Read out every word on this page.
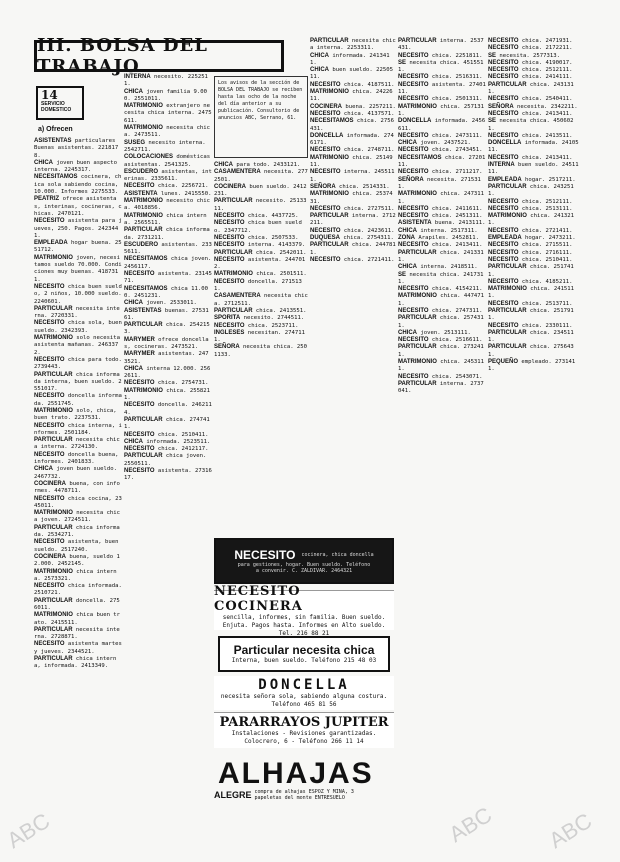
III. BOLSA DEL TRABAJO
14
SERVICIO
DOMESTICO
a) Ofrecen

ASISTENTAS particulares Buenas asistentas. 2218178.

CHICA joven buen aspecto interna. 2245317.

NECESITAMOS cocinera, chica sola sabiendo cocina, 10.000. Informes 2275533.

PEATRIZ ofrece asistentas, interinas, cocineras, chicas. 2470121.

NECESITO asistenta para jueves, 250. Pagos. 2423441.

EMPLEADA hogar buena. 2551712.

MATRIMONIO joven, necesitamos sueldo 70.000. Condiciones muy buenas. 4187311.

NECESITO chica buen sueldo, 2 niños, 10.000 sueldo. 2240601.

PARTICULAR necesita interna. 2720331.

NECESITO chica sola, buen sueldo. 2342393.

MATRIMONIO solo necesita asistenta mañanas. 2463372.

NECESITO chica para todo. 2739443.

PARTICULAR chica informada interna, buen sueldo. 2551017.

NECESITO doncella informada. 2551745.

MATRIMONIO solo, chica, buen trato. 2237531.

NECESITO chica interna, informes. 2501184.

PARTICULAR necesita chica interna. 2724130.

NECESITO doncella buena, informes. 2401833.

CHICA joven buen sueldo. 2467732.

COCINERA buena, con informes. 4478711.

NECESITO chica cocina, 2345011.

MATRIMONIO necesita chica joven. 2724511.

PARTICULAR chica informada. 2534271.

NECESITO asistenta, buen sueldo. 2517240.

COCINERA buena, sueldo 12.000. 2452145.

MATRIMONIO chica interna. 2573321.

NECESITO chica informada. 2510721.

PARTICULAR doncella. 2756011.

MATRIMONIO chica buen trato. 2415511.

PARTICULAR necesita interna. 2728871.

NECESITO asistenta martes y jueves. 2344521.

PARTICULAR chica interna, informada. 2413349.

INTERNA necesito. 2252511.

CHICA joven familia 9.000. 2551011.

MATRIMONIO extranjero necesita chica interna. 2475611.

MATRIMONIO necesita chica. 2473511.

SUSEG necesito interna. 2542711.

COLOCACIONES domésticas asistentas. 2541325.

ESCUDERO asistentas, interinas. 2335611.

NECESITO chica. 2256721.

ASISTENTA lunes. 2415550.

MATRIMONIO necesito chica. 4018856.

MATRIMONIO chica interna. 2565511.

PARTICULAR chica informada. 2731211.

ESCUDERO asistentas. 2335611.

NECESITAMOS chica joven. 2456117.

NECESITO asistenta. 2314571.

NECESITAMOS chica 11.000. 2451231.

CHICA joven. 2533011.

ASISTENTAS buenas. 2753161.

PARTICULAR chica. 2542153.

MARYMER ofrece doncellas, cocineras. 2473521.

MARYMER asistentas. 2473521.

CHICA interna 12.000. 2562611.

NECESITO chica. 2754731.

MATRIMONIO chica. 2558211.

NECESITO doncella. 2462114.

PARTICULAR chica. 2747411.

NECESITO chica. 2510411.

CHICA informada. 2523511.

NECESITO chica. 2412117.

PARTICULAR chica joven. 2550511.

NECESITO asistenta. 2731617.

Los avisos de la sección de BOLSA DEL TRABAJO se reciben hasta las ocho de la noche del día anterior a su publicación. Consultorio de anuncios ABC, Serrano, 61.

CHICA para todo. 2433121.

CASAMENTERA necesita. 2772501.

COCINERA buen sueldo. 2412231.

PARTICULAR necesito. 2513311.

NECESITO chica. 4437725.

NECESITO chica buen sueldo. 2347712.

NECESITO chica. 2507533.

NECESITO interna. 4143379.

PARTICULAR chica. 2542011.

NECESITO asistenta. 2447012.

MATRIMONIO chica. 2501511.

NECESITO doncella. 2715131.

CASAMENTERA necesita chica. 2712511.

PARTICULAR chica. 2413551.

SPORITA necesito. 2744511.

NECESITO chica. 2523711.

INGLESES necesitan. 2747111.

SEÑORA necesita chica. 2501133.

PARTICULAR necesita chica interna. 2253311.

CHICA informada. 2413411.

CHICA buen sueldo. 2250511.

NECESITO chica. 4187511.

MATRIMONIO chica. 2422611.

COCINERA buena. 2257211.

NECESITO chica. 4137571.

NECESITAMOS chica. 2756431.

DONCELLA informada. 2746171.

NECESITO chica. 2748711.

MATRIMONIO chica. 2514911.

NECESITO interna. 2455111.

SEÑORA chica. 2514331.

MATRIMONIO chica. 2537431.

NECESITO chica. 2727511.

PARTICULAR interna. 2712211.

NECESITO chica. 2423611.

DUQUESA chica. 2754311.

PARTICULAR chica. 2447811.

NECESITO chica. 2721411.

NECESITO cocinera, chica doncella
para gestiones, hogar. Buen sueldo. Teléfono
a convenir. C. ZALDIVAR. 2464321
NECESITO COCINERA
sencilla, informes, sin familia. Buen sueldo. Enjuta. Pagos hasta. Informes en Alto sueldo. Tel. 216 88 21
Particular necesita chica
Interna, buen sueldo. Teléfono 215 48 03
DONCELLA
necesita señora sola, sabiendo alguna costura. Teléfono 465 81 56
PARARRAYOS JUPITER
Instalaciones - Revisiones garantizadas. Colocrero, 6 - Teléfono 266 11 14
ALHAJAS
ALEGRE compra de alhajas ESPOZ Y MINA, 3
papeletas del monte ENTRESUELO

PARTICULAR interna. 2537431.

NECESITO chica. 2251811.

SE necesita chica. 4515511.

NECESITO chica. 2516311.

NECESITO asistenta. 2740111.

NECESITO chica. 2501311.

MATRIMONIO chica. 2571311.

DONCELLA informada. 2456611.

NECESITO chica. 2473111.

CHICA joven. 2437521.

NECESITO chica. 2743451.

NECESITAMOS chica. 2720111.

NECESITO chica. 2711217.

SEÑORA necesita. 2715311.

MATRIMONIO chica. 2473111.

NECESITO chica. 2411611.

NECESITO chica. 2451311.

ASISTENTA buena. 2413111.

CHICA interna. 2517311.

ZONA Arapiles. 2452811.

NECESITO chica. 2413411.

PARTICULAR chica. 2413311.

CHICA interna. 2418511.

SE necesita chica. 2417311.

NECESITO chica. 4154211.

MATRIMONIO chica. 4474711.

NECESITO chica. 2747311.

PARTICULAR chica. 2574311.

CHICA joven. 2513111.

NECESITO chica. 2516611.

PARTICULAR chica. 2732411.

MATRIMONIO chica. 2453111.

NECESITO chica. 2543071.

PARTICULAR interna. 2737041.

NECESITO chica. 2471931.

NECESITO chica. 2172211.

SE necesita. 2577313.

NECESITO chica. 4190017.

NECESITO chica. 2512111.

NECESITO chica. 2414111.

PARTICULAR chica. 2431311.

NECESITO chica. 2540411.

SEÑORA necesita. 2342211.

NECESITO chica. 2413411.

SE necesita chica. 4506021.

NECESITO chica. 2413511.

DONCELLA informada. 2410511.

NECESITO chica. 2413411.

INTERNA buen sueldo. 2451111.

EMPLEADA hogar. 2517211.

PARTICULAR chica. 2432511.

NECESITO chica. 2512111.

NECESITO chica. 2513111.

MATRIMONIO chica. 2413211.

NECESITO chica. 2721411.

EMPLEADA hogar. 2473211.

NECESITO chica. 2715511.

NECESITO chica. 2716111.

NECESITO chica. 2510411.

PARTICULAR chica. 2517411.

NECESITO chica. 4185211.

MATRIMONIO chica. 2415111.

NECESITO chica. 2513711.

PARTICULAR chica. 2517911.

NECESITO chica. 2330111.

PARTICULAR chica. 2345111.

PARTICULAR chica. 2756431.

PEQUEÑO empleado. 2731411.

ABC	ABC ABC
